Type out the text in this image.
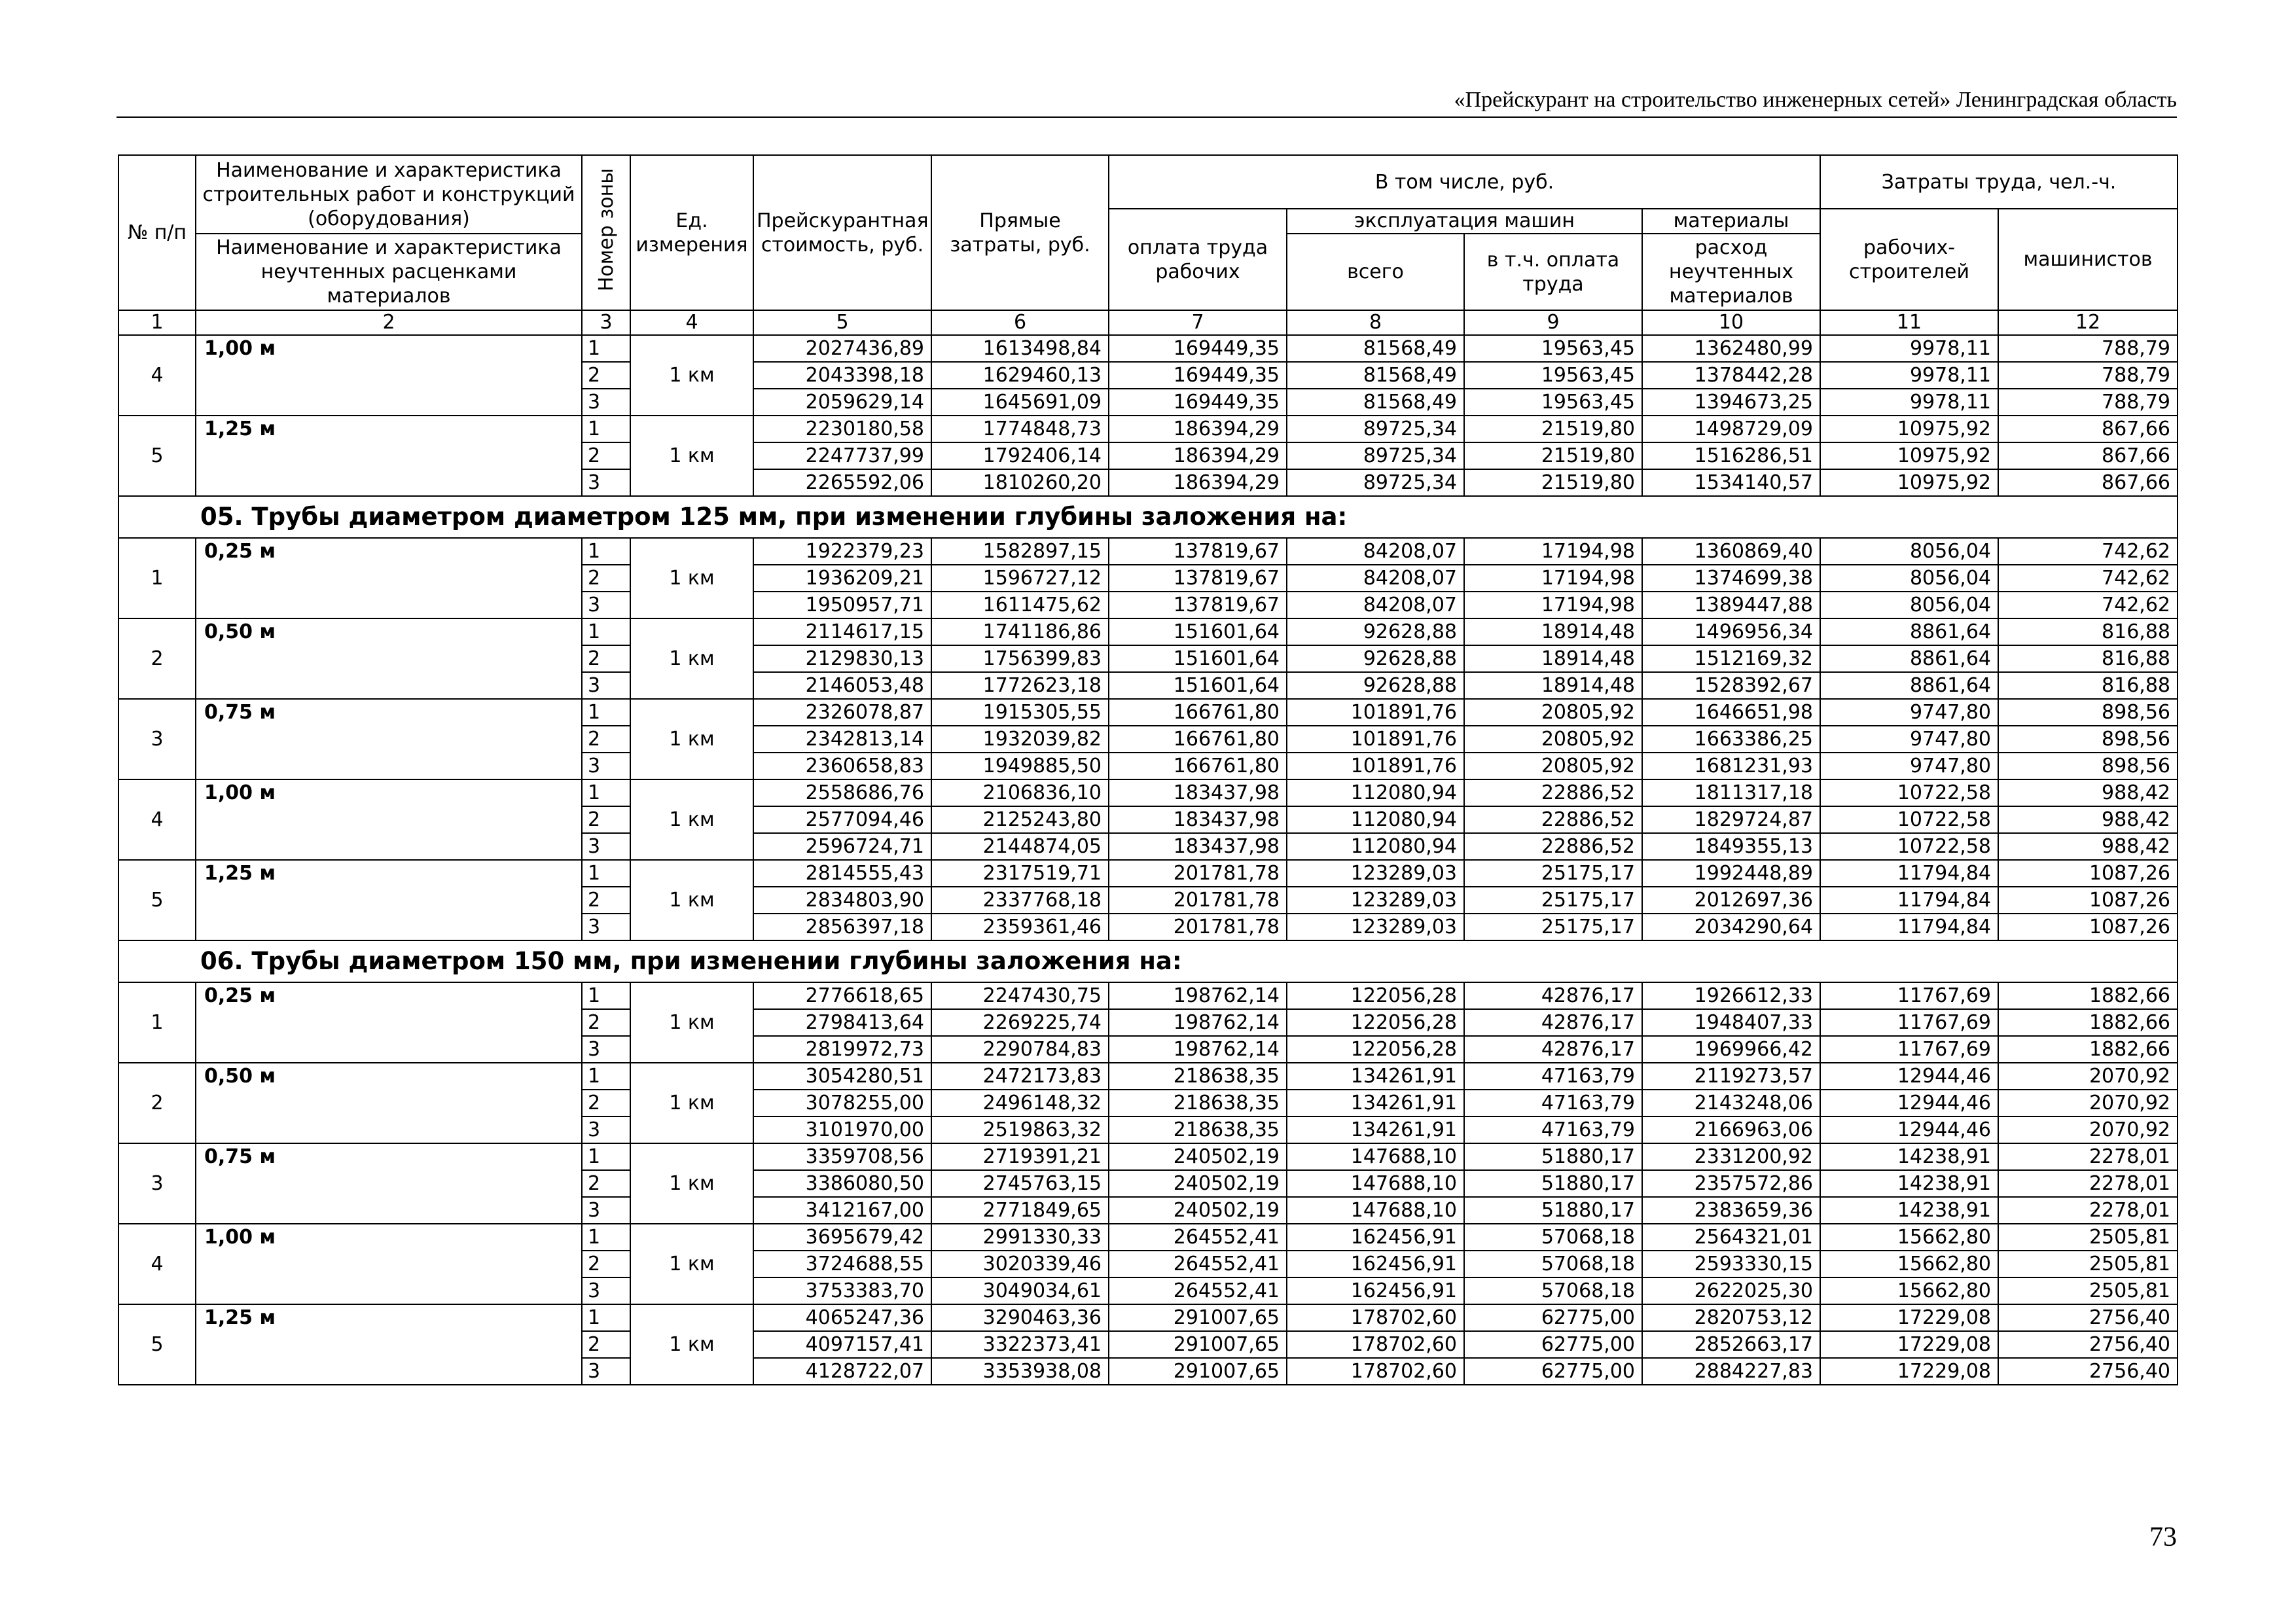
«Прейскурант на строительство инженерных сетей» Ленинградская область
№ п/п	Наименование и характеристика строительных работ и конструкций (оборудования)	Номер зоны	Ед. измерения	Прейскурантная стоимость, руб.	Прямые затраты, руб.	В том числе, руб.				Затраты труда, чел.-ч.	
						оплата труда рабочих	эксплуатация машин		материалы	рабочих-строителей	машинистов
	Наименование и характеристика неучтенных расценками материалов						всего	в т.ч. оплата труда	расход неучтенных материалов		
1	2	3	4	5	6	7	8	9	10	11	12
4	1,00 м	1	1 км	2027436,89	1613498,84	169449,35	81568,49	19563,45	1362480,99	9978,11	788,79
		2		2043398,18	1629460,13	169449,35	81568,49	19563,45	1378442,28	9978,11	788,79
		3		2059629,14	1645691,09	169449,35	81568,49	19563,45	1394673,25	9978,11	788,79
5	1,25 м	1	1 км	2230180,58	1774848,73	186394,29	89725,34	21519,80	1498729,09	10975,92	867,66
		2		2247737,99	1792406,14	186394,29	89725,34	21519,80	1516286,51	10975,92	867,66
		3		2265592,06	1810260,20	186394,29	89725,34	21519,80	1534140,57	10975,92	867,66
05. Трубы диаметром диаметром 125 мм, при изменении глубины заложения на:											
1	0,25 м	1	1 км	1922379,23	1582897,15	137819,67	84208,07	17194,98	1360869,40	8056,04	742,62
		2		1936209,21	1596727,12	137819,67	84208,07	17194,98	1374699,38	8056,04	742,62
		3		1950957,71	1611475,62	137819,67	84208,07	17194,98	1389447,88	8056,04	742,62
2	0,50 м	1	1 км	2114617,15	1741186,86	151601,64	92628,88	18914,48	1496956,34	8861,64	816,88
		2		2129830,13	1756399,83	151601,64	92628,88	18914,48	1512169,32	8861,64	816,88
		3		2146053,48	1772623,18	151601,64	92628,88	18914,48	1528392,67	8861,64	816,88
3	0,75 м	1	1 км	2326078,87	1915305,55	166761,80	101891,76	20805,92	1646651,98	9747,80	898,56
		2		2342813,14	1932039,82	166761,80	101891,76	20805,92	1663386,25	9747,80	898,56
		3		2360658,83	1949885,50	166761,80	101891,76	20805,92	1681231,93	9747,80	898,56
4	1,00 м	1	1 км	2558686,76	2106836,10	183437,98	112080,94	22886,52	1811317,18	10722,58	988,42
		2		2577094,46	2125243,80	183437,98	112080,94	22886,52	1829724,87	10722,58	988,42
		3		2596724,71	2144874,05	183437,98	112080,94	22886,52	1849355,13	10722,58	988,42
5	1,25 м	1	1 км	2814555,43	2317519,71	201781,78	123289,03	25175,17	1992448,89	11794,84	1087,26
		2		2834803,90	2337768,18	201781,78	123289,03	25175,17	2012697,36	11794,84	1087,26
		3		2856397,18	2359361,46	201781,78	123289,03	25175,17	2034290,64	11794,84	1087,26
06. Трубы диаметром 150 мм, при изменении глубины заложения на:											
1	0,25 м	1	1 км	2776618,65	2247430,75	198762,14	122056,28	42876,17	1926612,33	11767,69	1882,66
		2		2798413,64	2269225,74	198762,14	122056,28	42876,17	1948407,33	11767,69	1882,66
		3		2819972,73	2290784,83	198762,14	122056,28	42876,17	1969966,42	11767,69	1882,66
2	0,50 м	1	1 км	3054280,51	2472173,83	218638,35	134261,91	47163,79	2119273,57	12944,46	2070,92
		2		3078255,00	2496148,32	218638,35	134261,91	47163,79	2143248,06	12944,46	2070,92
		3		3101970,00	2519863,32	218638,35	134261,91	47163,79	2166963,06	12944,46	2070,92
3	0,75 м	1	1 км	3359708,56	2719391,21	240502,19	147688,10	51880,17	2331200,92	14238,91	2278,01
		2		3386080,50	2745763,15	240502,19	147688,10	51880,17	2357572,86	14238,91	2278,01
		3		3412167,00	2771849,65	240502,19	147688,10	51880,17	2383659,36	14238,91	2278,01
4	1,00 м	1	1 км	3695679,42	2991330,33	264552,41	162456,91	57068,18	2564321,01	15662,80	2505,81
		2		3724688,55	3020339,46	264552,41	162456,91	57068,18	2593330,15	15662,80	2505,81
		3		3753383,70	3049034,61	264552,41	162456,91	57068,18	2622025,30	15662,80	2505,81
5	1,25 м	1	1 км	4065247,36	3290463,36	291007,65	178702,60	62775,00	2820753,12	17229,08	2756,40
		2		4097157,41	3322373,41	291007,65	178702,60	62775,00	2852663,17	17229,08	2756,40
		3		4128722,07	3353938,08	291007,65	178702,60	62775,00	2884227,83	17229,08	2756,40
73
